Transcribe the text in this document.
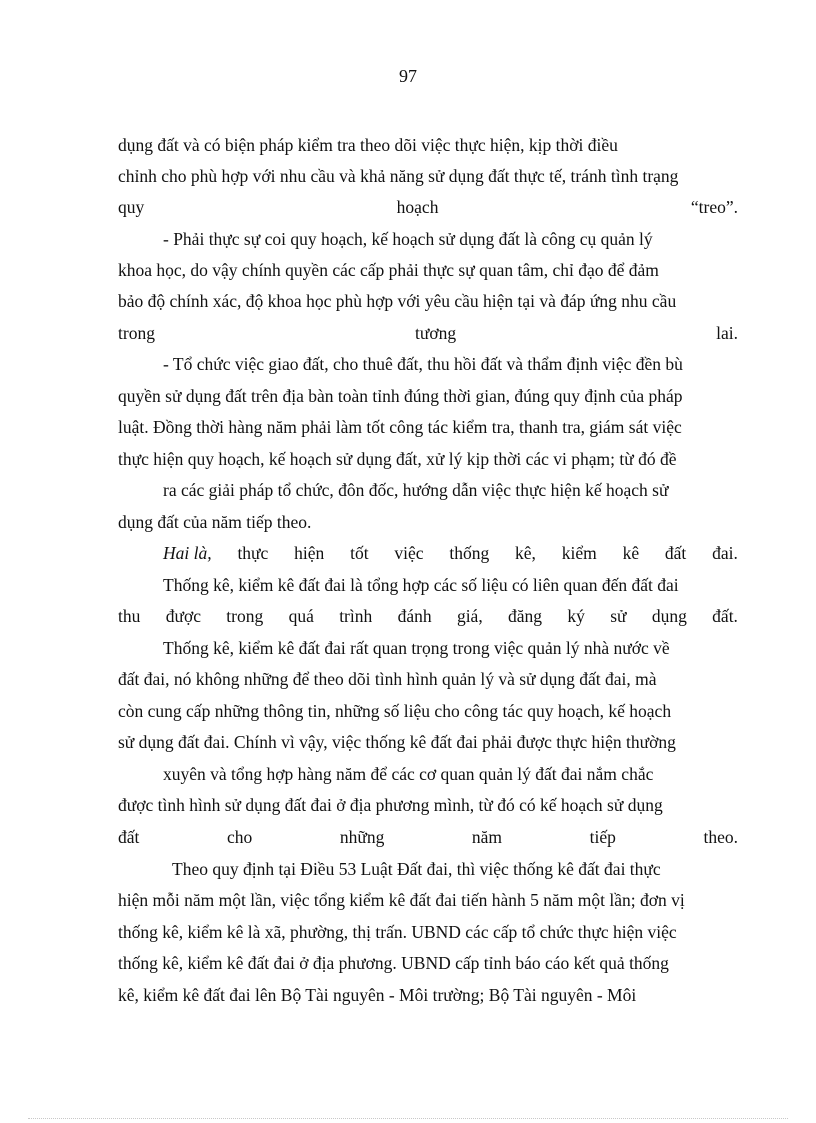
97
dụng đất và có biện pháp kiểm tra theo dõi việc thực hiện, kịp thời điều
chỉnh cho phù hợp với nhu cầu và khả năng sử dụng đất thực tế, tránh tình trạng
quy	hoạch	“treo”.
- Phải thực sự coi quy hoạch, kế hoạch sử dụng đất là công cụ quản lý
khoa học, do vậy chính quyền các cấp phải thực sự quan tâm, chỉ đạo để đảm
bảo độ chính xác, độ khoa học phù hợp với yêu cầu hiện tại và đáp ứng nhu cầu
trong	tương	lai.
- Tổ chức việc giao đất, cho thuê đất, thu hồi đất và thẩm định việc đền bù
quyền sử dụng đất trên địa bàn toàn tỉnh đúng thời gian, đúng quy định của pháp
luật. Đồng thời hàng năm phải làm tốt công tác kiểm tra, thanh tra, giám sát việc
thực hiện quy hoạch, kế hoạch sử dụng đất, xử lý kịp thời các vi phạm; từ đó đề
ra các giải pháp tổ chức, đôn đốc, hướng dẫn việc thực hiện kế hoạch sử
dụng đất của năm tiếp theo.
Hai là, thực hiện tốt việc thống kê, kiểm kê đất đai.
Thống kê, kiểm kê đất đai là tổng hợp các số liệu có liên quan đến đất đai
thu được trong quá trình đánh giá, đăng ký sử dụng đất.
Thống kê, kiểm kê đất đai rất quan trọng trong việc quản lý nhà nước về
đất đai, nó không những để theo dõi tình hình quản lý và sử dụng đất đai, mà
còn cung cấp những thông tin, những số liệu cho công tác quy hoạch, kế hoạch
sử dụng đất đai. Chính vì vậy, việc thống kê đất đai phải được thực hiện thường
xuyên và tổng hợp hàng năm để các cơ quan quản lý đất đai nắm chắc
được tình hình sử dụng đất đai ở địa phương mình, từ đó có kế hoạch sử dụng
đất	cho	những	năm	tiếp	theo.
Theo quy định tại Điều 53 Luật Đất đai, thì việc thống kê đất đai thực
hiện mỗi năm một lần, việc tổng kiểm kê đất đai tiến hành 5 năm một lần; đơn vị
thống kê, kiểm kê là xã, phường, thị trấn. UBND các cấp tổ chức thực hiện việc
thống kê, kiểm kê đất đai ở địa phương. UBND cấp tỉnh báo cáo kết quả thống
kê, kiểm kê đất đai lên Bộ Tài nguyên - Môi trường; Bộ Tài nguyên - Môi
